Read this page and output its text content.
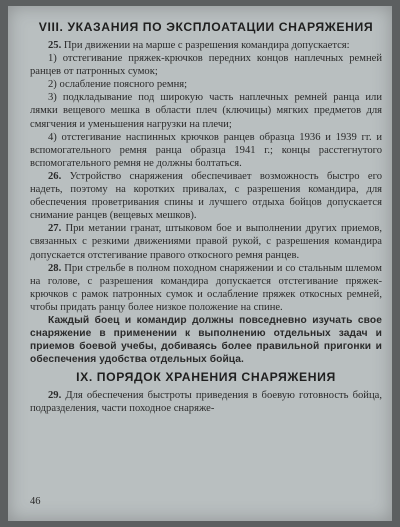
VIII. УКАЗАНИЯ ПО ЭКСПЛОАТАЦИИ СНАРЯЖЕНИЯ

25. При движении на марше с разрешения командира допускается:

1) отстегивание пряжек-крючков передних концов наплечных ремней ранцев от патронных сумок;

2) ослабление поясного ремня;

3) подкладывание под широкую часть наплечных ремней ранца или лямки вещевого мешка в области плеч (ключицы) мягких предметов для смягчения и уменьшения нагрузки на плечи;

4) отстегивание наспинных крючков ранцев образца 1936 и 1939 гг. и вспомогательного ремня ранца образца 1941 г.; концы расстегнутого вспомогательного ремня не должны болтаться.

26. Устройство снаряжения обеспечивает возможность быстро его надеть, поэтому на коротких привалах, с разрешения командира, для обеспечения проветривания спины и лучшего отдыха бойцов допускается снимание ранцев (вещевых мешков).

27. При метании гранат, штыковом бое и выполнении других приемов, связанных с резкими движениями правой рукой, с разрешения командира допускается отстегивание правого откосного ремня ранцев.

28. При стрельбе в полном походном снаряжении и со стальным шлемом на голове, с разрешения командира допускается отстегивание пряжек-крючков с рамок патронных сумок и ослабление пряжек откосных ремней, чтобы придать ранцу более низкое положение на спине.

Каждый боец и командир должны повседневно изучать свое снаряжение в применении к выполнению отдельных задач и приемов боевой учебы, добиваясь более правильной пригонки и обеспечения удобства отдельных бойца.

IX. ПОРЯДОК ХРАНЕНИЯ СНАРЯЖЕНИЯ

29. Для обеспечения быстроты приведения в боевую готовность бойца, подразделения, части походное снаряже-

46
